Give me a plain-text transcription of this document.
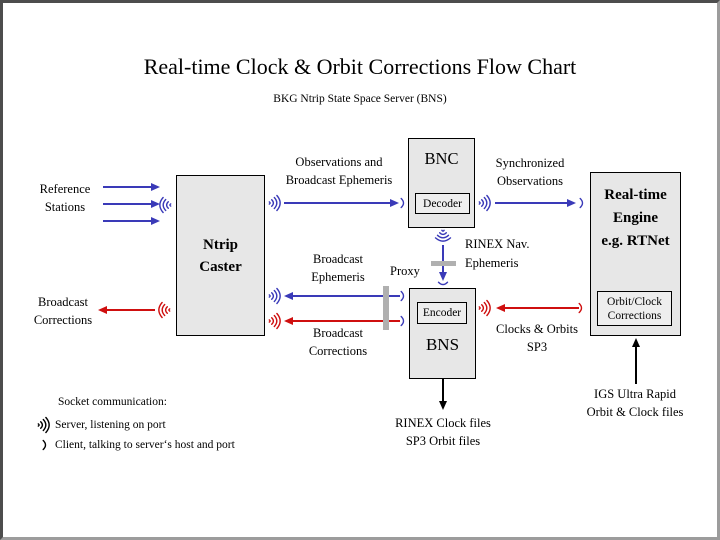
Real-time Clock & Orbit Corrections Flow Chart
BKG Ntrip State Space Server (BNS)
Ntrip
Caster
BNC
Decoder
Encoder
BNS
Real-time
Engine
e.g. RTNet
Orbit/Clock
Corrections
Reference
Stations
Broadcast
Corrections
Observations and
Broadcast Ephemeris
Synchronized
Observations
RINEX Nav.
Ephemeris
Proxy
Broadcast
Ephemeris
Broadcast
Corrections
Clocks & Orbits
SP3
RINEX Clock files
SP3 Orbit files
IGS Ultra Rapid
Orbit & Clock files
Socket communication:
Server, listening on port
Client, talking to server‘s host and port
